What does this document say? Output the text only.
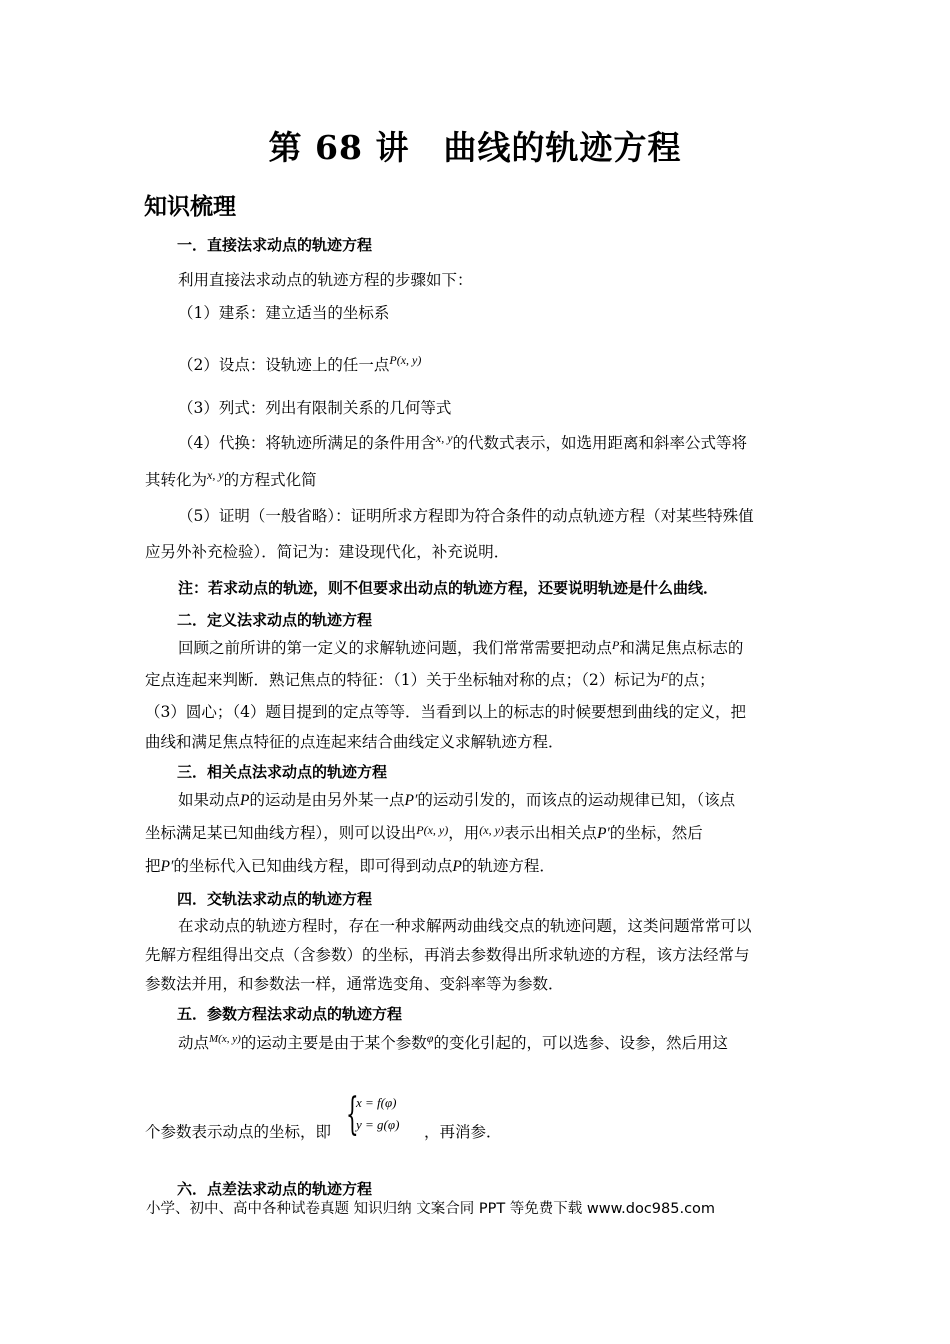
第 68 讲 曲线的轨迹方程
知识梳理
一．直接法求动点的轨迹方程
利用直接法求动点的轨迹方程的步骤如下：
（1）建系：建立适当的坐标系
（2）设点：设轨迹上的任一点$^{P(x, y)}$
（3）列式：列出有限制关系的几何等式
（4）代换：将轨迹所满足的条件用含$^{x, y}$的代数式表示，如选用距离和斜率公式等将
其转化为$^{x, y}$的方程式化简
（5）证明（一般省略）：证明所求方程即为符合条件的动点轨迹方程（对某些特殊值
应另外补充检验）．简记为：建设现代化，补充说明．
注：若求动点的轨迹，则不但要求出动点的轨迹方程，还要说明轨迹是什么曲线．
二．定义法求动点的轨迹方程
回顾之前所讲的第一定义的求解轨迹问题，我们常常需要把动点$^P$和满足焦点标志的
定点连起来判断．熟记焦点的特征：（1）关于坐标轴对称的点；（2）标记为$^F$的点；
（3）圆心；（4）题目提到的定点等等．当看到以上的标志的时候要想到曲线的定义，把
曲线和满足焦点特征的点连起来结合曲线定义求解轨迹方程．
三．相关点法求动点的轨迹方程
如果动点P的运动是由另外某一点P′的运动引发的，而该点的运动规律已知，（该点
坐标满足某已知曲线方程），则可以设出$^{P(x, y)}$，用$^{(x, y)}$表示出相关点P′的坐标，然后
把P′的坐标代入已知曲线方程，即可得到动点P的轨迹方程．
四．交轨法求动点的轨迹方程
在求动点的轨迹方程时，存在一种求解两动曲线交点的轨迹问题，这类问题常常可以
先解方程组得出交点（含参数）的坐标，再消去参数得出所求轨迹的方程，该方法经常与
参数法并用，和参数法一样，通常选变角、变斜率等为参数．
五．参数方程法求动点的轨迹方程
动点$^{M(x, y)}$的运动主要是由于某个参数$^\varphi$的变化引起的，可以选参、设参，然后用这
个参数表示动点的坐标，即 {
x = f(φ)
y = g(φ) ，再消参．
六．点差法求动点的轨迹方程
小学、初中、高中各种试卷真题 知识归纳 文案合同 PPT 等免费下载 www.doc985.com
